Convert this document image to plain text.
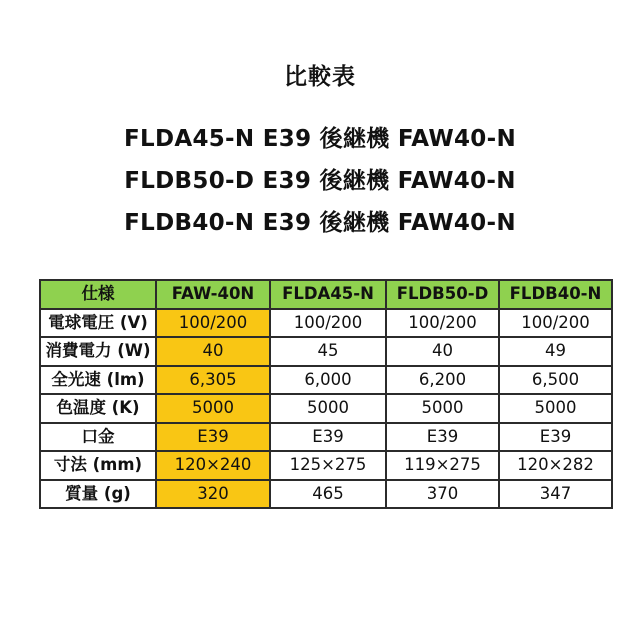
比較表
FLDA45-N E39 後継機 FAW40-N
FLDB50-D E39 後継機 FAW40-N
FLDB40-N E39 後継機 FAW40-N
仕様	FAW-40N	FLDA45-N	FLDB50-D	FLDB40-N
電球電圧 (V)	100/200	100/200	100/200	100/200
消費電力 (W)	40	45	40	49
全光速 (lm)	6,305	6,000	6,200	6,500
色温度 (K)	5000	5000	5000	5000
口金	E39	E39	E39	E39
寸法 (mm)	120×240	125×275	119×275	120×282
質量 (g)	320	465	370	347
